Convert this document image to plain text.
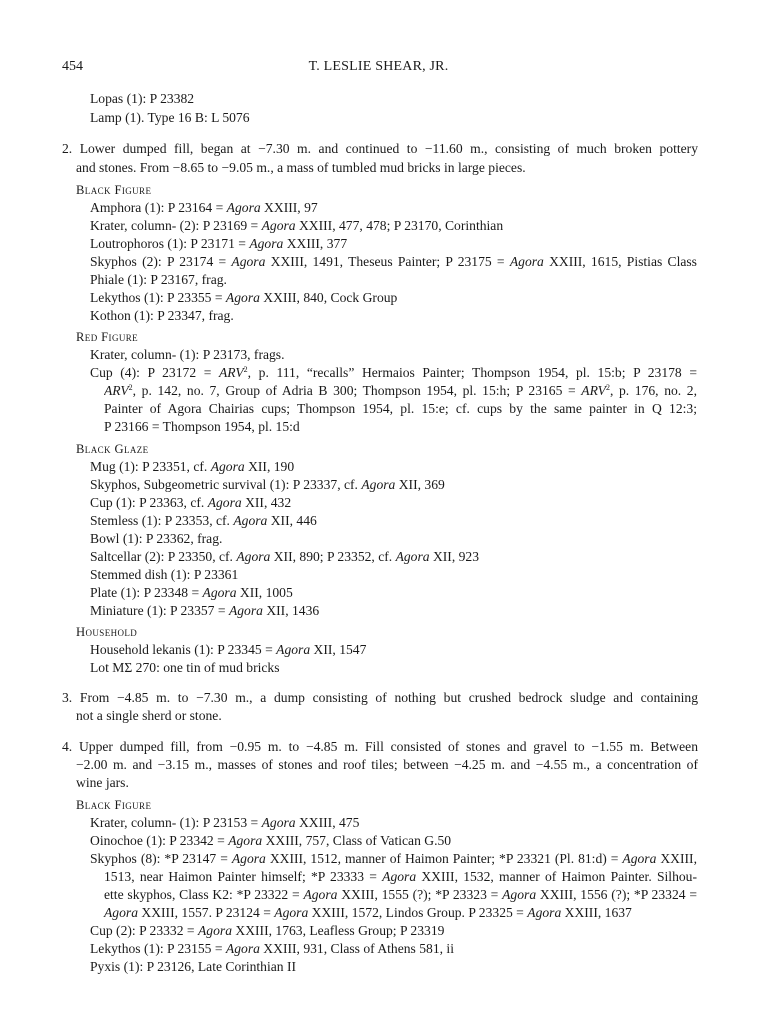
454	T. LESLIE SHEAR, JR.
Lopas (1): P 23382
Lamp (1). Type 16 B: L 5076
2. Lower dumped fill, began at −7.30 m. and continued to −11.60 m., consisting of much broken pottery
and stones. From −8.65 to −9.05 m., a mass of tumbled mud bricks in large pieces.
Black Figure
Amphora (1): P 23164 = Agora XXIII, 97
Krater, column- (2): P 23169 = Agora XXIII, 477, 478; P 23170, Corinthian
Loutrophoros (1): P 23171 = Agora XXIII, 377
Skyphos (2): P 23174 = Agora XXIII, 1491, Theseus Painter; P 23175 = Agora XXIII, 1615, Pistias Class
Phiale (1): P 23167, frag.
Lekythos (1): P 23355 = Agora XXIII, 840, Cock Group
Kothon (1): P 23347, frag.
Red Figure
Krater, column- (1): P 23173, frags.
Cup (4): P $23172 = ARV^2$, p. 111, “recalls” Hermaios Painter; Thompson 1954, pl. 15:b; P 23178 =
$ARV^2$, p. 142, no. 7, Group of Adria B 300; Thompson 1954, pl. 15:h; P $23165 = ARV^2$, p. 176, no. 2,
Painter of Agora Chairias cups; Thompson 1954, pl. 15:e; cf. cups by the same painter in Q 12:3;
P 23166 = Thompson 1954, pl. 15:d
Black Glaze
Mug (1): P 23351, cf. Agora XII, 190
Skyphos, Subgeometric survival (1): P 23337, cf. Agora XII, 369
Cup (1): P 23363, cf. Agora XII, 432
Stemless (1): P 23353, cf. Agora XII, 446
Bowl (1): P 23362, frag.
Saltcellar (2): P 23350, cf. Agora XII, 890; P 23352, cf. Agora XII, 923
Stemmed dish (1): P 23361
Plate (1): P 23348 = Agora XII, 1005
Miniature (1): P 23357 = Agora XII, 1436
Household
Household lekanis (1): P 23345 = Agora XII, 1547
Lot ΜΣ 270: one tin of mud bricks
3. From −4.85 m. to −7.30 m., a dump consisting of nothing but crushed bedrock sludge and containing
not a single sherd or stone.
4. Upper dumped fill, from −0.95 m. to −4.85 m. Fill consisted of stones and gravel to −1.55 m. Between
−2.00 m. and −3.15 m., masses of stones and roof tiles; between −4.25 m. and −4.55 m., a concentration of
wine jars.
Black Figure
Krater, column- (1): P 23153 = Agora XXIII, 475
Oinochoe (1): P 23342 = Agora XXIII, 757, Class of Vatican G.50
Skyphos (8): *P 23147 = Agora XXIII, 1512, manner of Haimon Painter; *P 23321 (Pl. 81:d) = Agora XXIII,
1513, near Haimon Painter himself; *P 23333 = Agora XXIII, 1532, manner of Haimon Painter. Silhou-
ette skyphos, Class K2: *P 23322 = Agora XXIII, 1555 (?); *P 23323 = Agora XXIII, 1556 (?); *P 23324 =
Agora XXIII, 1557. P 23124 = Agora XXIII, 1572, Lindos Group. P 23325 = Agora XXIII, 1637
Cup (2): P 23332 = Agora XXIII, 1763, Leafless Group; P 23319
Lekythos (1): P 23155 = Agora XXIII, 931, Class of Athens 581, ii
Pyxis (1): P 23126, Late Corinthian II
